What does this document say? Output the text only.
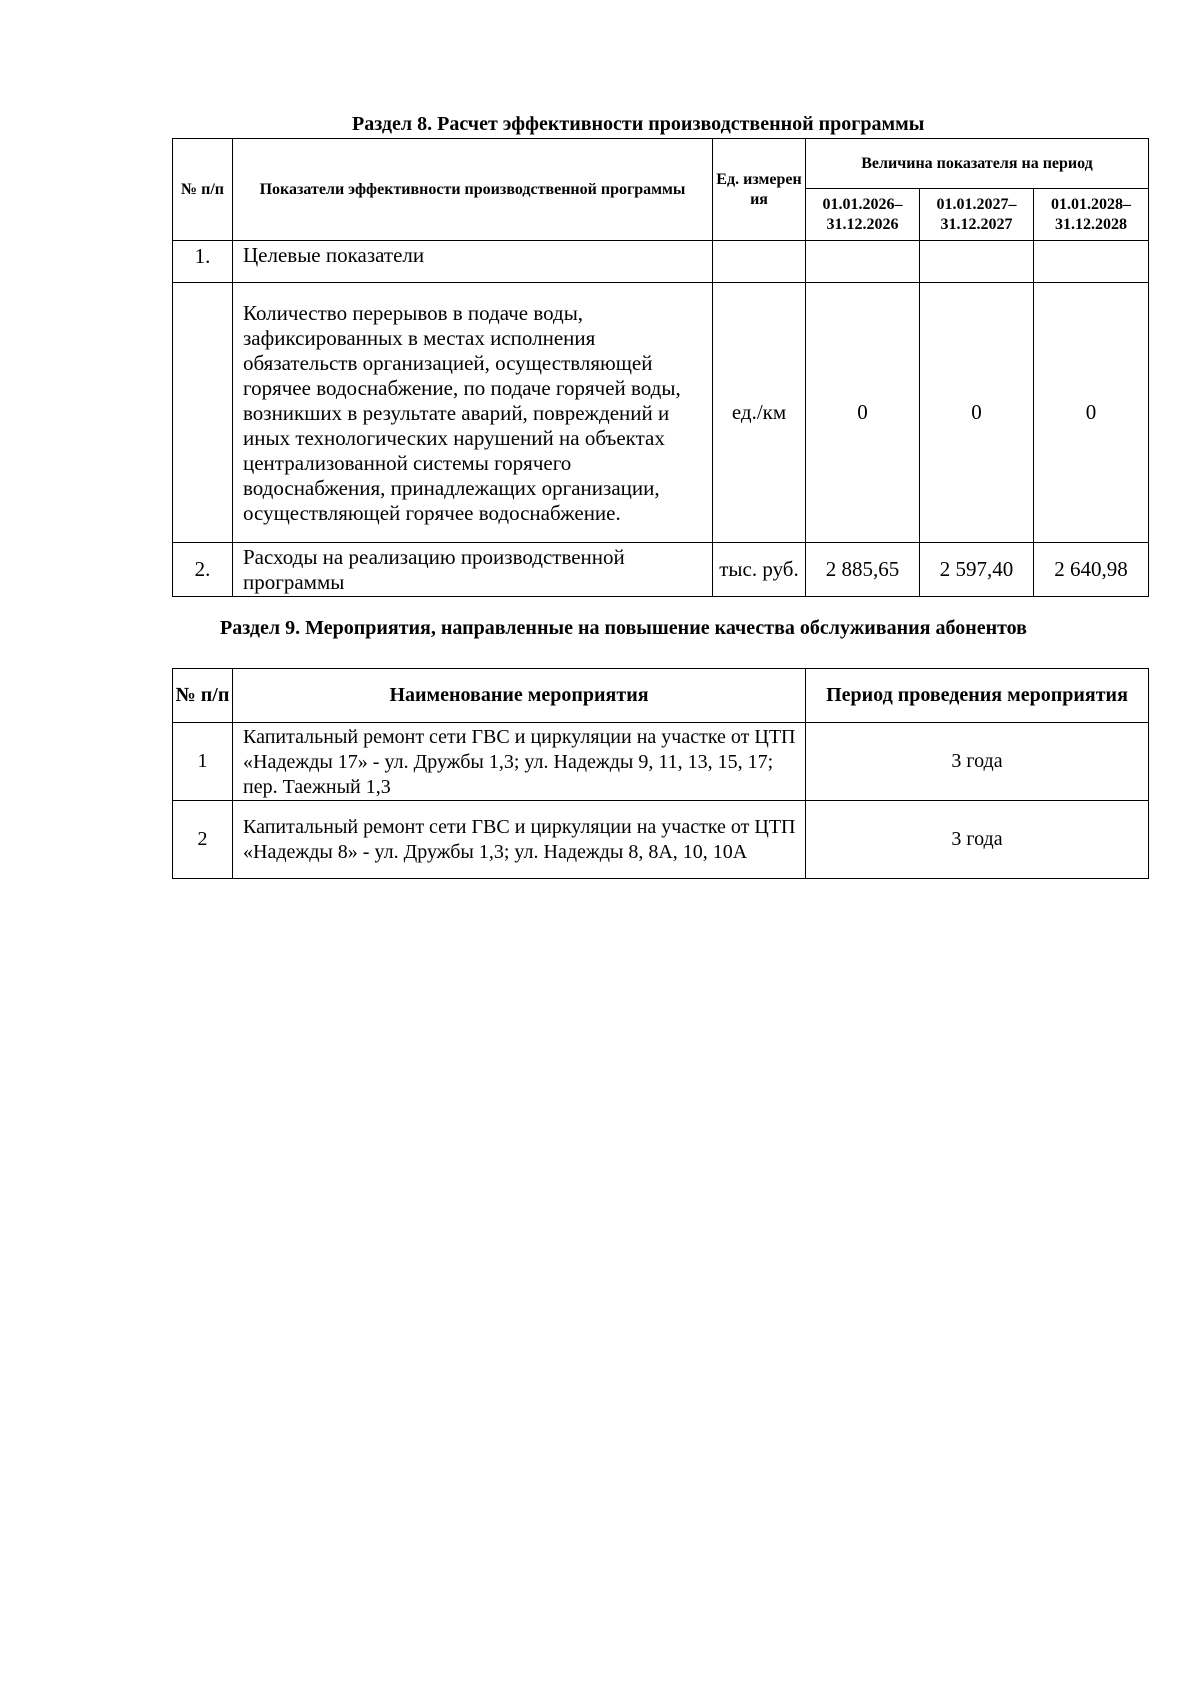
Раздел 8. Расчет эффективности производственной программы
№ п/п	Показатели эффективности производственной программы	Ед. измерен ия	Величина показателя на период		
			01.01.2026– 31.12.2026	01.01.2027– 31.12.2027	01.01.2028– 31.12.2028
1.	Целевые показатели				
	Количество перерывов в подаче воды, зафиксированных в местах исполнения обязательств организацией, осуществляющей горячее водоснабжение, по подаче горячей воды, возникших в результате аварий, повреждений и иных технологических нарушений на объектах централизованной системы горячего водоснабжения, принадлежащих организации, осуществляющей горячее водоснабжение.	ед./км	0	0	0
2.	Расходы на реализацию производственной программы	тыс. руб.	2 885,65	2 597,40	2 640,98
Раздел 9. Мероприятия, направленные на повышение качества обслуживания абонентов
№ п/п	Наименование мероприятия	Период проведения мероприятия
1	Капитальный ремонт сети ГВС и циркуляции на участке от ЦТП «Надежды 17» - ул. Дружбы 1,3; ул. Надежды 9, 11, 13, 15, 17; пер. Таежный 1,3	3 года
2	Капитальный ремонт сети ГВС и циркуляции на участке от ЦТП «Надежды 8» - ул. Дружбы 1,3; ул. Надежды 8, 8А, 10, 10А	3 года
